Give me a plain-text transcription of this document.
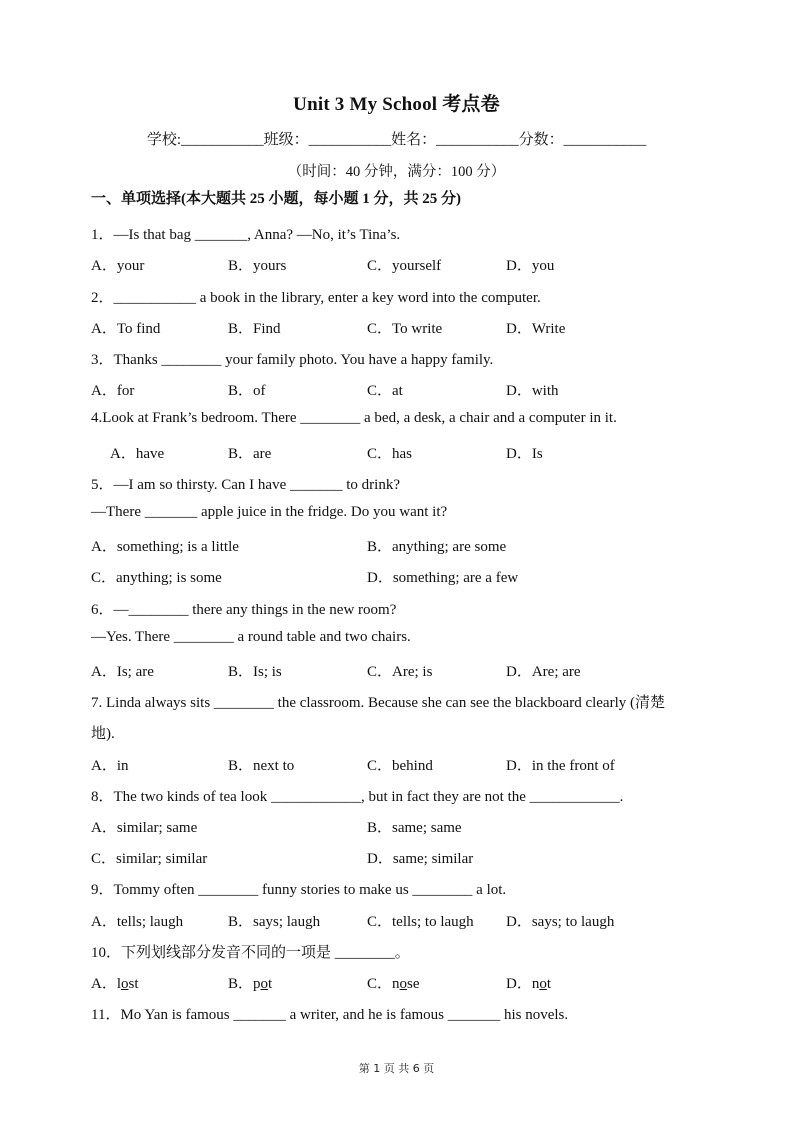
Unit 3 My School 考点卷
学校:___________班级：___________姓名：___________分数：___________
（时间：40 分钟，满分：100 分）
一、单项选择(本大题共 25 小题，每小题 1 分，共 25 分)
1．—Is that bag _______, Anna? —No, it’s Tina’s.
A．your	B．yours	C．yourself	D．you
2．___________ a book in the library, enter a key word into the computer.
A．To find	B．Find	C．To write	D．Write
3．Thanks ________ your family photo. You have a happy family.
A．for	B．of	C．at	D．with
4.Look at Frank’s bedroom. There ________ a bed, a desk, a chair and a computer in it.
A．have	B．are	C．has	D．Is
5．—I am so thirsty. Can I have _______ to drink?
—There _______ apple juice in the fridge. Do you want it?
A．something; is a little	B．anything; are some
C．anything; is some	D．something; are a few
6．—________ there any things in the new room?
—Yes. There ________ a round table and two chairs.
A．Is; are	B．Is; is	C．Are; is	D．Are; are
7. Linda always sits ________ the classroom. Because she can see the blackboard clearly (清楚
地).
A．in	B．next to	C．behind	D．in the front of
8．The two kinds of tea look ____________, but in fact they are not the ____________.
A．similar; same	B．same; same
C．similar; similar	D．same; similar
9．Tommy often ________ funny stories to make us ________ a lot.
A．tells; laugh	B．says; laugh	C．tells; to laugh D．says; to laugh
10．下列划线部分发音不同的一项是 ________。
A．lost	B．pot	C．nose	D．not
11．Mo Yan is famous _______ a writer, and he is famous _______ his novels.
第 1 页 共 6 页
